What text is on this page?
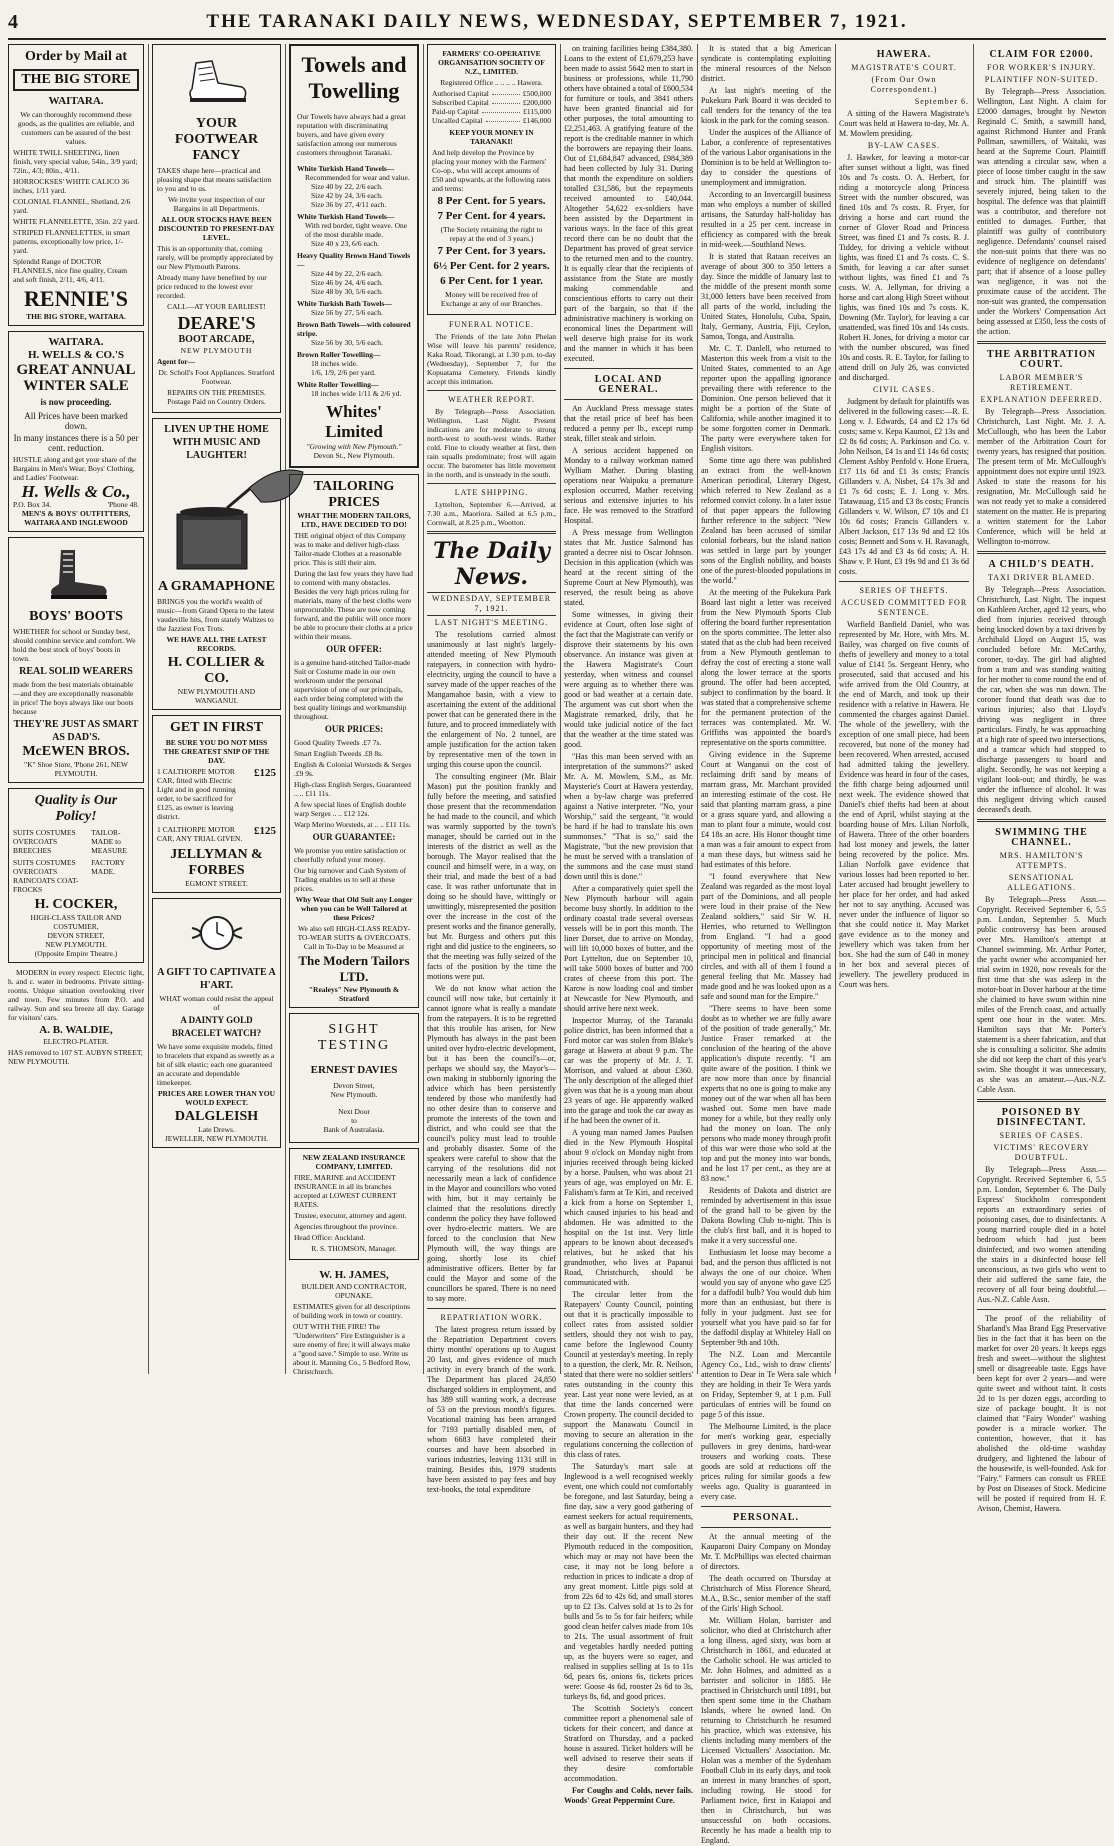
4	THE TARANAKI DAILY NEWS, WEDNESDAY, SEPTEMBER 7, 1921.
Order by Mail at
THE BIG STORE
WAITARA.

We can thoroughly recommend these goods, as the qualities are reliable, and customers can be assured of the best values.

WHITE TWILL SHEETING, linen finish, very special value, 54in., 3/9 yard; 72in., 4/3; 80in., 4/11.

HORROCKSES' WHITE CALICO 36 inches, 1/11 yard.

COLONIAL FLANNEL, Shetland, 2/6 yard.

WHITE FLANNELETTE, 35in. 2/2 yard.

STRIPED FLANNELETTES, in smart patterns, exceptionally low price, 1/- yard.

Splendid Range of DOCTOR FLANNELS, nice fine quality, Cream and soft finish, 2/11, 4/6, 4/11.

RENNIE'S
THE BIG STORE, WAITARA.
WAITARA.
H. WELLS & CO.'S
GREAT ANNUAL WINTER SALE

is now proceeding.

All Prices have been marked down.

In many instances there is a 50 per cent. reduction.

HUSTLE along and get your share of the Bargains in Men's Wear, Boys' Clothing, and Ladies' Footwear.

H. Wells & Co.,
P.O. Box 34.	'Phone 48.
MEN'S & BOYS' OUTFITTERS, WAITARA AND INGLEWOOD
BOYS' BOOTS

WHETHER for school or Sunday best, should combine service and comfort. We hold the best stock of boys' boots in town.

REAL SOLID WEARERS

made from the best materials obtainable—and they are exceptionally reasonable in price! The boys always like our boots because

THEY'RE JUST AS SMART AS DAD'S.
McEWEN BROS.
"K" Shoe Store, 'Phone 261, NEW PLYMOUTH.
Quality is Our Policy!
SUITS COSTUMES OVERCOATS BREECHES
TAILOR-MADE to MEASURE
SUITS COSTUMES OVERCOATS RAINCOATS COAT-FROCKS
FACTORY MADE.
H. COCKER,
HIGH-CLASS TAILOR AND COSTUMIER,
DEVON STREET,
NEW PLYMOUTH.
(Opposite Empire Theatre.)

MODERN in every respect: Electric light, h. and c. water in bedrooms. Private sitting-rooms. Unique situation overlooking river and town. Few minutes from P.O. and railway. Sun and sea breeze all day. Garage for visitors' cars.

A. B. WALDIE,
ELECTRO-PLATER.

HAS removed to 107 ST. AUBYN STREET, NEW PLYMOUTH.

YOUR FOOTWEAR FANCY

TAKES shape here—practical and pleasing shape that means satisfaction to you and to us.

We invite your inspection of our Bargains in all Departments.

ALL OUR STOCKS HAVE BEEN DISCOUNTED TO PRESENT-DAY LEVEL.

This is an opportunity that, coming rarely, will be promptly appreciated by our New Plymouth Patrons.

Already many have benefited by our price reduced to the lowest ever recorded.

CALL—AT YOUR EARLIEST!

DEARE'S
BOOT ARCADE,
NEW PLYMOUTH

Agent for—

Dr. Scholl's Foot Appliances. Stratford Footwear.

REPAIRS ON THE PREMISES. Postage Paid on Country Orders.

LIVEN UP THE HOME WITH MUSIC AND LAUGHTER!
A GRAMAPHONE

BRINGS you the world's wealth of music—from Grand Opera to the latest vaudeville hits, from stately Waltzes to the Jazziest Fox Trots.

WE HAVE ALL THE LATEST RECORDS.

H. COLLIER & CO.
NEW PLYMOUTH AND WANGANUI.
GET IN FIRST

BE SURE YOU DO NOT MISS THE GREATEST SNIP OF THE DAY.

1 CALTHORPE MOTOR CAR, fitted with Electric Light and in good running order, to be sacrificed for £125, as owner is leaving district.
£125
1 CALTHORPE MOTOR CAR, ANY TRIAL GIVEN.
£125
JELLYMAN & FORBES
EGMONT STREET.
A GIFT TO CAPTIVATE A H'ART.

WHAT woman could resist the appeal of

A DAINTY GOLD BRACELET WATCH?

We have some exquisite models, fitted to bracelets that expand as sweetly as a bit of silk elastic; each one guaranteed an accurate and dependable timekeeper.

PRICES ARE LOWER THAN YOU WOULD EXPECT.

DALGLEISH
Late Drews.
JEWELLER, NEW PLYMOUTH.
Towels and Towelling

Our Towels have always had a great reputation with discriminating buyers, and have given every satisfaction among our numerous customers throughout Taranaki.

White Turkish Hand Towels—
Recommended for wear and value.
Size 40 by 22, 2/6 each.
Size 42 by 24, 3/6 each.
Size 36 by 27, 4/11 each.
White Turkish Hand Towels—
With red border, tight weave. One of the most durable made.
Size 40 x 23, 6/6 each.
Heavy Quality Brown Hand Towels—
Size 44 by 22, 2/6 each.
Size 46 by 24, 4/6 each.
Size 48 by 30, 5/6 each.
White Turkish Bath Towels—
Size 56 by 27, 5/6 each.
Brown Bath Towels—with coloured stripe.
Size 56 by 30, 5/6 each.
Brown Roller Towelling—
18 inches wide.
1/6, 1/9, 2/6 per yard.
White Roller Towelling—
18 inches wide 1/11 & 2/6 yd.
Whites' Limited
"Growing with New Plymouth."
Devon St., New Plymouth.
TAILORING PRICES
WHAT THE MODERN TAILORS, LTD., HAVE DECIDED TO DO!

THE original object of this Company was to make and deliver high-class Tailor-made Clothes at a reasonable price. This is still their aim.

During the last few years they have had to contend with many obstacles. Besides the very high prices ruling for materials, many of the best cloths were unprocurable. These are now coming forward, and the public will once more be able to procure their cloths at a price within their means.

OUR OFFER:

is a genuine hand-stitched Tailor-made Suit or Costume made in our own workroom under the personal supervision of one of our principals, each order being completed with the best quality linings and workmanship throughout.

OUR PRICES:

Good Quality Tweeds .£7 7s.

Smart English Tweeds .£8 8s.

English & Colonial Worsteds & Serges .£9 9s.

High-class English Serges, Guaranteed .. .. £11 11s.

A few special lines of English double warp Serges .. .. £12 12s.

Warp Merino Worsteds, at .. .. £11 11s.

OUR GUARANTEE:

We promise you entire satisfaction or cheerfully refund your money.

Our big turnover and Cash System of Trading enables us to sell at these prices.

Why Wear that Old Suit any Longer when you can be Well Tailored at these Prices?

We also sell HIGH-CLASS READY-TO-WEAR SUITS & OVERCOATS. Call in To-Day to be Measured at

The Modern Tailors LTD.
"Realeys" New Plymouth & Stratford
SIGHT
TESTING
ERNEST DAVIES
Devon Street,
New Plymouth.
Next Door
to
Bank of Australasia.
NEW ZEALAND INSURANCE COMPANY, LIMITED.

FIRE, MARINE and ACCIDENT INSURANCE in all its branches accepted at LOWEST CURRENT RATES.

Trustee, executor, attorney and agent.

Agencies throughout the province.

Head Office: Auckland.

R. S. THOMSON, Manager.

W. H. JAMES,
BUILDER AND CONTRACTOR, OPUNAKE.

ESTIMATES given for all descriptions of building work in town or country.

OUT WITH THE FIRE! The "Underwriters" Fire Extinguisher is a sure enemy of fire; it will always make a "good save." Simple to use. Write us about it. Manning Co., 5 Bedford Row, Christchurch.

FARMERS' CO-OPERATIVE ORGANISATION SOCIETY OF N.Z., LIMITED.

Registered Office .. .. .. .. Hawera.

Authorised Capital	£500,000
Subscribed Capital	£200,000
Paid-up Capital	£115,000
Uncalled Capital	£146,000
KEEP YOUR MONEY IN TARANAKI!

And help develop the Province by placing your money with the Farmers' Co-op., who will accept amounts of £50 and upwards, at the following rates and terms:

8 Per Cent. for 5 years.

7 Per Cent. for 4 years.

(The Society retaining the right to repay at the end of 3 years.)

7 Per Cent. for 3 years.

6½ Per Cent. for 2 years.

6 Per Cent. for 1 year.

Money will be received free of Exchange at any of our Branches.

FUNERAL NOTICE.

The Friends of the late John Phelan Wise will leave his parents' residence, Kaka Road, Tikorangi, at 1.30 p.m. to-day (Wednesday), September 7, for the Kopuatama Cemetery. Friends kindly accept this intimation.

WEATHER REPORT.

By Telegraph—Press Association. Wellington, Last Night. Present indications are for moderate to strong north-west to south-west winds. Rather cold. Fine to cloudy weather at first, then rain squalls predominate; frost will again occur. The barometer has little movement in the north, and is unsteady in the south.

LATE SHIPPING.

Lyttelton, September 6.—Arrived, at 7.30 a.m., Maoriora. Sailed at 6.5 p.m., Cornwall, at 8.25 p.m., Wootton.

The Daily News.
WEDNESDAY, SEPTEMBER 7, 1921.
LAST NIGHT'S MEETING.

The resolutions carried almost unanimously at last night's largely-attended meeting of New Plymouth ratepayers, in connection with hydro-electricity, urging the council to have a survey made of the upper reaches of the Mangamahoe basin, with a view to ascertaining the extent of the additional power that can be generated there in the future, and to proceed immediately with the enlargement of No. 2 tunnel, are ample justification for the action taken by representative men of the town in urging this course upon the council.

The consulting engineer (Mr. Blair Mason) put the position frankly and fully before the meeting, and satisfied those present that the recommendation he had made to the council, and which was warmly supported by the town's manager, should be carried out in the interests of the district as well as the borough. The Mayor realised that the council and himself were, in a way, on their trial, and made the best of a bad case. It was rather unfortunate that in doing so he should have, wittingly or unwittingly, misrepresented the position over the increase in the cost of the present works and the finance generally, but Mr. Burgess and others put this right and did justice to the engineers, so that the meeting was fully seized of the facts of the position by the time the motions were put.

We do not know what action the council will now take, but certainly it cannot ignore what is really a mandate from the ratepayers. It is to be regretted that this trouble has arisen, for New Plymouth has always in the past been united over hydro-electric development, but it has been the council's—or, perhaps we should say, the Mayor's—own making in stubbornly ignoring the advice which has been persistently tendered by those who manifestly had no other desire than to conserve and promote the interests of the town and district, and who could see that the council's policy must lead to trouble and probably disaster. Some of the speakers were careful to show that the carrying of the resolutions did not necessarily mean a lack of confidence in the Mayor and councillors who voted with him, but it may certainly be claimed that the resolutions directly condemn the policy they have followed over hydro-electric matters. We are forced to the conclusion that New Plymouth will, the way things are going, shortly lose its chief administrative officers. Better by far could the Mayor and some of the councillors be spared. There is no need to say more.

REPATRIATION WORK.

The latest progress return issued by the Repatriation Department covers thirty months' operations up to August 20 last, and gives evidence of much activity in every branch of the work. The Department has placed 24,850 discharged soldiers in employment, and has 389 still wanting work, a decrease of 53 on the previous month's figures. Vocational training has been arranged for 7193 partially disabled men, of whom 6683 have completed their courses and have been absorbed in various industries, leaving 1131 still in training. Besides this, 1979 students have been assisted to pay fees and buy text-books, the total expenditure

on training facilities being £384,380. Loans to the extent of £1,679,253 have been made to assist 5642 men to start in business or professions, while 11,790 others have obtained a total of £600,534 for furniture or tools, and 3841 others have been granted financial aid for other purposes, the total amounting to £2,251,463. A gratifying feature of the report is the creditable manner in which the borrowers are repaying their loans. Out of £1,684,847 advanced, £984,389 had been collected by July 31. During that month the expenditure on soldiers totalled £31,586, but the repayments received amounted to £40,044. Altogether 54,622 ex-soldiers have been assisted by the Department in various ways. In the face of this great record there can be no doubt that the Department has proved of great service to the returned men and to the country. It is equally clear that the recipients of assistance from the State are mostly making commendable and conscientious efforts to carry out their part of the bargain, so that if the administrative machinery is working on economical lines the Department will well deserve high praise for its work and the manner in which it has been executed.

LOCAL AND GENERAL.

An Auckland Press message states that the retail price of beef has been reduced a penny per lb., except rump steak, fillet steak and sirloin.

A serious accident happened on Monday to a railway workman named Wylliam Mather. During blasting operations near Waipuku a premature explosion occurred, Mather receiving serious and extensive injuries to his face. He was removed to the Stratford Hospital.

A Press message from Wellington states that Mr. Justice Salmond has granted a decree nisi to Oscar Johnson. Decision in this application (which was heard at the recent sitting of the Supreme Court at New Plymouth), was reserved, the result being as above stated.

Some witnesses, in giving their evidence at Court, often lose sight of the fact that the Magistrate can verify or disprove their statements by his own observance. An instance was given at the Hawera Magistrate's Court yesterday, when witness and counsel were arguing as to whether there was good or bad weather at a certain date. The argument was cut short when the Magistrate remarked, drily, that he would take judicial notice of the fact that the weather at the time stated was good.

"Has this man been served with an interpretation of the summons?" asked Mr. A. M. Mowlem, S.M., as Mr. Maysterie's Court at Hawera yesterday, when a by-law charge was preferred against a Native interpreter. "No, your Worship," said the sergeant, "it would be hard if he had to translate his own summonses." "That is so," said the Magistrate, "but the new provision that he must be served with a translation of the summons and the case must stand down until this is done."

After a comparatively quiet spell the New Plymouth harbour will again become busy shortly. In addition to the ordinary coastal trade several overseas vessels will be in port this month. The liner Dorset, due to arrive on Monday, will lift 10,000 boxes of butter, and the Port Lyttelton, due on September 10, will take 5000 boxes of butter and 700 crates of cheese from this port. The Karow is now loading coal and timber at Newcastle for New Plymouth, and should arrive here next week.

Inspector Murray, of the Taranaki police district, has been informed that a Ford motor car was stolen from Blake's garage at Hawera at about 9 p.m. The car was the property of Mr. J. T. Morrison, and valued at about £360. The only description of the alleged thief given was that he is a young man about 23 years of age. He apparently walked into the garage and took the car away as if he had been the owner of it.

A young man named James Paulsen died in the New Plymouth Hospital about 9 o'clock on Monday night from injuries received through being kicked by a horse. Paulsen, who was about 21 years of age, was employed on Mr. E. Falisham's farm at Te Kiri, and received a kick from a horse on September 1, which caused injuries to his head and abdomen. He was admitted to the hospital on the 1st inst. Very little appears to be known about deceased's relatives, but he asked that his grandmother, who lives at Papanui Road, Christchurch, should be communicated with.

The circular letter from the Ratepayers' County Council, pointing out that it is practically impossible to collect rates from assisted soldier settlers, should they not wish to pay, came before the Inglewood County Council at yesterday's meeting. In reply to a question, the clerk, Mr. R. Neilson, stated that there were no soldier settlers' rates outstanding in the county this year. Last year none were levied, as at that time the lands concerned were Crown property. The council decided to support the Manawatu Council in moving to secure an alteration in the regulations concerning the collection of this class of rates.

The Saturday's mart sale at Inglewood is a well recognised weekly event, one which could not comfortably be foregone, and last Saturday, being a fine day, saw a very good gathering of earnest seekers for actual requirements, as well as bargain hunters, and they had their day out. If the recent New Plymouth reduced in the composition, which may or may not have been the case, it may not be long before a reduction in prices to indicate a drop of any great moment. Little pigs sold at from 22s 6d to 42s 6d, and small stores up to £2 13s. Calves sold at 1s to 2s for bulls and 5s to 5s for fair heifers; while good clean heifer calves made from 10s to 21s. The usual assortment of fruit and vegetables hardly needed putting up, as the buyers were so eager, and realised in supplies selling at 1s to 11s 6d, pears 6s, onions 6s, tickets prices were: Goose 4s 6d, rooster 2s 6d to 3s, turkeys 8s, 6d, and good prices.

The Scottish Society's concert committee report a phenomenal sale of tickets for their concert, and dance at Stratford on Thursday, and a packed house is assured. Ticket holders will be well advised to reserve their seats if they desire comfortable accommodation.

For Coughs and Colds, never fails. Woods' Great Peppermint Cure.

It is stated that a big American syndicate is contemplating exploiting the mineral resources of the Nelson district.

At last night's meeting of the Pukekura Park Board it was decided to call tenders for the tenancy of the tea kiosk in the park for the coming season.

Under the auspices of the Alliance of Labor, a conference of representatives of the various Labor organisations in the Dominion is to be held at Wellington to-day to consider the questions of unemployment and immigration.

According to an Invercargill business man who employs a number of skilled artisans, the Saturday half-holiday has resulted in a 25 per cent. increase in efficiency as compared with the break in mid-week.—Southland News.

It is stated that Rataan receives an average of about 300 to 350 letters a day. Since the middle of January last to the middle of the present month some 31,000 letters have been received from all parts of the world, including the United States, Honolulu, Cuba, Spain, Italy, Germany, Austria, Fiji, Ceylon, Samoa, Tonga, and Australia.

Mr. C. T. Danlell, who returned to Masterton this week from a visit to the United States, commented to an Age reporter upon the appalling ignorance prevailing there with reference to the Dominion. One person believed that it might be a portion of the State of California, while another imagined it to be some forgotten corner in Denmark. The party were everywhere taken for English visitors.

Some time ago there was published an extract from the well-known American periodical, Literary Digest, which referred to New Zealand as a reformed convict colony. In a later issue of that paper appears the following further reference to the subject: "New Zealand has been accused of similar colonial forbears, but the island nation was settled in large part by younger sons of the English nobility, and boasts one of the purest-blooded populations in the world."

At the meeting of the Pukekura Park Board last night a letter was received from the New Plymouth Sports Club offering the board further representation on the sports committee. The letter also stated that as the club had been received from a New Plymouth gentleman to defray the cost of erecting a stone wall along the lower terrace at the sports ground. The offer had been accepted, subject to confirmation by the board. It was stated that a comprehensive scheme for the permanent protection of the terraces was contemplated. Mr. W. Griffiths was appointed the board's representative on the sports committee.

Giving evidence in the Supreme Court at Wanganui on the cost of reclaiming drift sand by means of marram grass, Mr. Marchant provided an interesting estimate of the cost. He said that planting marram grass, a pine or a grass square yard, and allowing a man to plant four a minute, would cost £4 18s an acre. His Honor thought time a man was a fair amount to expect from a man these days, but witness said he had estimates of this before.

"I found everywhere that New Zealand was regarded as the most loyal part of the Dominions, and all people were loud in their praise of the New Zealand soldiers," said Sir W. H. Herries, who returned to Wellington from England. "I had a good opportunity of meeting most of the principal men in political and financial circles, and with all of them I found a general feeling that Mr. Massey had made good and he was looked upon as a safe and sound man for the Empire."

"There seems to have been some doubt as to whether we are fully aware of the position of trade generally," Mr. Justice Fraser remarked at the conclusion of the hearing of the above application's dispute recently. "I am quite aware of the position. I think we are now more than once by financial experts that no one is going to make any money out of the war when all has been washed out. Some men have made money for a while, but they really only had the money on loan. The only persons who made money through profit of this war were those who sold at the top and put the money into war bonds, and he lost 17 per cent., as they are at 83 now."

Residents of Dakota and district are reminded by advertisement in this issue of the grand ball to be given by the Dakota Bowling Club to-night. This is the club's first ball, and it is hoped to make it a very successful one.

Enthusiasm let loose may become a bad, and the person thus afflicted is not always the one of our choice. When would you say of anyone who gave £25 for a daffodil bulb? You would dub him more than an enthusiast, but there is folly in your judgment. Just see for yourself what you have paid so far for the daffodil display at Whiteley Hall on September 9th and 10th.

The N.Z. Loan and Mercantile Agency Co., Ltd., wish to draw clients' attention to Dear in Te Wera sale which they are holding in their Te Wera yards on Friday, September 9, at 1 p.m. Full particulars of entries will be found on page 5 of this issue.

The Melbourne Limited, is the place for men's working gear, especially pullovers in grey denims, hard-wear trousers and working coats. These goods are sold at reductions off the prices ruling for similar goods a few weeks ago. Quality is guaranteed in every case.

PERSONAL.

At the annual meeting of the Kauparoni Dairy Company on Monday Mr. T. McPhillips was elected chairman of directors.

The death occurred on Thursday at Christchurch of Miss Florence Sheard, M.A., B.Sc., senior member of the staff of the Girls' High School.

Mr. William Holan, barrister and solicitor, who died at Christchurch after a long illness, aged sixty, was born at Christchurch in 1861, and educated at the Catholic school. He was articled to Mr. John Holmes, and admitted as a barrister and solicitor in 1885. He practised in Christchurch until 1891, but then spent some time in the Chatham Islands, where he owned land. On returning to Christchurch he resumed his practice, which was extensive, his clients including many members of the Licensed Victuallers' Association. Mr. Holan was a member of the Sydenham Football Club in its early days, and took an interest in many branches of sport, including rowing. He stood for Parliament twice, first in Kaiapoi and then in Christchurch, but was unsuccessful on both occasions. Recently he has made a health trip to England.

HAWERA.
MAGISTRATE'S COURT.
(From Our Own Correspondent.)
September 6.

A sitting of the Hawera Magistrate's Court was held at Hawera to-day, Mr. A. M. Mowlem presiding.

BY-LAW CASES.

J. Hawker, for leaving a motor-car after sunset without a light, was fined 10s and 7s costs. O. A. Herbert, for riding a motorcycle along Princess Street with the number obscured, was fined 10s and 7s costs. R. Fryer, for driving a horse and cart round the corner of Glover Road and Princess Street, was fined £1 and 7s costs. R. J. Tiddey, for driving a vehicle without lights, was fined £1 and 7s costs. C. S. Smith, for leaving a car after sunset without lights, was fined £1 and 7s costs. W. A. Jellyman, for driving a horse and cart along High Street without lights, was fined 10s and 7s costs. K. Downing (Mr. Taylor), for leaving a car unattended, was fined 10s and 14s costs. Robert H. Jones, for driving a motor car with the number obscured, was fined 10s and costs. R. E. Taylor, for failing to attend drill on July 26, was convicted and discharged.

CIVIL CASES.

Judgment by default for plaintiffs was delivered in the following cases:—R. E. Long v. J. Edwards, £4 and £2 17s 6d costs; same v. Kepa Kaumoi, £2 13s and £2 8s 6d costs; A. Parkinson and Co. v. John Neilson, £4 1s and £1 14s 6d costs; Clement Ashby Penfold v. Hone Eruera, £17 11s 6d and £1 3s costs; Francis Gillanders v. A. Nisbet, £4 17s 3d and £1 7s 6d costs; E. J. Long v. Mrs. Tatawauag, £15 and £3 8s costs; Francis Gillanders v. W. Wilson, £7 10s and £1 10s 6d costs; Francis Gillanders v. Albert Jackson, £17 13s 9d and £2 10s costs; Bennett and Sons v. H. Ravanagh, £43 17s 4d and £3 4s 6d costs; A. H. Shaw v. P. Hunt, £3 19s 9d and £1 3s 6d costs.

SERIES OF THEFTS.
ACCUSED COMMITTED FOR SENTENCE.

Warfield Banfield Daniel, who was represented by Mr. Hore, with Mrs. M. Bailey, was charged on five counts of thefts of jewellery and money to a total value of £141 5s. Sergeant Henry, who prosecuted, said that accused and his wife arrived from the Old Country, at the end of March, and took up their residence with a relative in Hawera. He commented the charges against Daniel. The whole of the jewellery, with the exception of one small piece, had been recovered, but none of the money had been recovered. When arrested, accused had admitted taking the jewellery. Evidence was heard in four of the cases, the fifth charge being adjourned until next week. The evidence showed that Daniel's chief thefts had been at about the end of April, whilst staying at the boarding house of Mrs. Lilian Norfolk, of Hawera. Three of the other boarders had lost money and jewels, the latter being recovered by the police. Mrs. Lilian Norfolk gave evidence that various losses had been reported to her. Later accused had brought jewellery to her place for her order, and had asked her not to say anything. Accused was never under the influence of liquor so that she could notice it. May Market gave evidence as to the money and jewellery which was taken from her box. She had the sum of £40 in money in her box and several pieces of jewellery. The jewellery produced in Court was hers.

CLAIM FOR £2000.
FOR WORKER'S INJURY.
PLAINTIFF NON-SUITED.

By Telegraph—Press Association. Wellington, Last Night. A claim for £2000 damages, brought by Newton Reginald C. Smith, a sawmill hand, against Richmond Hunter and Frank Pollman, sawmillers, of Waitaki, was heard at the Supreme Court. Plaintiff was attending a circular saw, when a piece of loose timber caught in the saw and struck him. The plaintiff was severely injured, being taken to the hospital. The defence was that plaintiff was a contributor, and therefore not entitled to damages. Further, that plaintiff was guilty of contributory negligence. Defendants' counsel raised the non-suit points that there was no evidence of negligence on defendants' part; that if absence of a loose pulley was negligence, it was not the proximate cause of the accident. The non-suit was granted, the compensation under the Workers' Compensation Act being assessed at £350, less the costs of the action.

THE ARBITRATION COURT.
LABOR MEMBER'S RETIREMENT.
EXPLANATION DEFERRED.

By Telegraph—Press Association. Christchurch, Last Night. Mr. J. A. McCullough, who has been the Labor member of the Arbitration Court for twenty years, has resigned that position. The present term of Mr. McCullough's appointment does not expire until 1923. Asked to state the reasons for his resignation, Mr. McCullough said he was not ready yet to make a considered statement on the matter. He is preparing a written statement for the Labor Conference, which will be held at Wellington to-morrow.

A CHILD'S DEATH.
TAXI DRIVER BLAMED.

By Telegraph—Press Association. Christchurch, Last Night. The inquest on Kathleen Archer, aged 12 years, who died from injuries received through being knocked down by a taxi driven by Archibald Lloyd on August 15, was concluded before Mr. McCarthy, coroner, to-day. The girl had alighted from a tram and was standing waiting for her mother to come round the end of the car, when she was run down. The coroner found that death was due to various injuries; also that Lloyd's driving was negligent in three particulars. Firstly, he was approaching at a high rate of speed two intersections, and a tramcar which had stopped to discharge passengers to board and alight. Secondly, he was not keeping a vigilant look-out; and thirdly, he was under the influence of alcohol. It was this negligent driving which caused deceased's death.

SWIMMING THE CHANNEL.
MRS. HAMILTON'S ATTEMPTS.
SENSATIONAL ALLEGATIONS.

By Telegraph—Press Assn.—Copyright. Received September 6, 5.5 p.m. London, September 5. Much public controversy has been aroused over Mrs. Hamilton's attempt at Channel swimming. Mr. Arthur Porter, the yacht owner who accompanied her trial swim in 1920, now reveals for the first time that she was asleep in the motor-boat in Dover harbour at the time she claimed to have swum within nine miles of the French coast, and actually spent one hour in the water. Mrs. Hamilton says that Mr. Porter's statement is a sheer fabrication, and that she is consulting a solicitor. She admits she did not keep the chart of this year's swim. She thought it was unnecessary, as she was an amateur.—Aus.-N.Z. Cable Assn.

POISONED BY DISINFECTANT.
SERIES OF CASES.
VICTIMS' RECOVERY DOUBTFUL.

By Telegraph—Press Assn.—Copyright. Received September 6, 5.5 p.m. London, September 6. The Daily Express' Stockholm correspondent reports an extraordinary series of poisoning cases, due to disinfectants. A young married couple died in a hotel bedroom which had just been disinfected, and two women attending the stairs in a disinfected house fell unconscious, as two girls who went to their aid suffered the same fate, the recovery of all four being doubtful.—Aus.-N.Z. Cable Assn.

The proof of the reliability of Sharland's Maa Brand Egg Preservative lies in the fact that it has been on the market for over 20 years. It keeps eggs fresh and sweet—without the slightest smell or disagreeable taste. Eggs have been kept for over 2 years—and were quite sweet and without taint. It costs 2d to 1s per dozen eggs, according to size of package bought. It is not claimed that "Fairy Wonder" washing powder is a miracle worker. The contention, however, that it has abolished the old-time washday drudgery, and lightened the labour of the housewife, is well-founded. Ask for "Fairy." Farmers can consult us FREE by Post on Diseases of Stock. Medicine will be posted if required from H. F. Avison, Chemist, Hawera.
